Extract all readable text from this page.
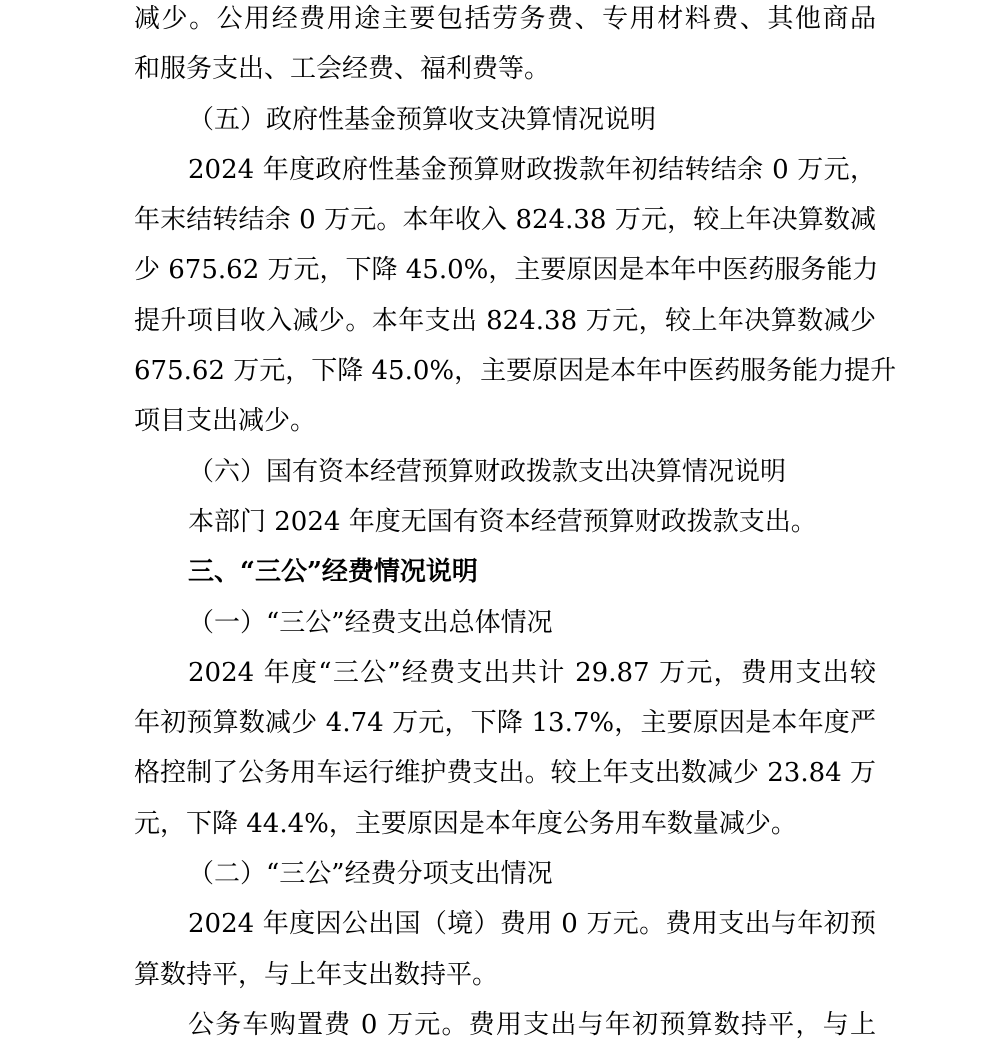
减少。公用经费用途主要包括劳务费、专用材料费、其他商品
和服务支出、工会经费、福利费等。
（五）政府性基金预算收支决算情况说明
2024 年度政府性基金预算财政拨款年初结转结余 0 万元，
年末结转结余 0 万元。本年收入 824.38 万元，较上年决算数减
少 675.62 万元，下降 45.0%，主要原因是本年中医药服务能力
提升项目收入减少。本年支出 824.38 万元，较上年决算数减少
675.62 万元，下降 45.0%，主要原因是本年中医药服务能力提升
项目支出减少。
（六）国有资本经营预算财政拨款支出决算情况说明
本部门 2024 年度无国有资本经营预算财政拨款支出。
三、“三公”经费情况说明
（一）“三公”经费支出总体情况
2024 年度“三公”经费支出共计 29.87 万元，费用支出较
年初预算数减少 4.74 万元，下降 13.7%，主要原因是本年度严
格控制了公务用车运行维护费支出。较上年支出数减少 23.84 万
元，下降 44.4%，主要原因是本年度公务用车数量减少。
（二）“三公”经费分项支出情况
2024 年度因公出国（境）费用 0 万元。费用支出与年初预
算数持平，与上年支出数持平。
公务车购置费 0 万元。费用支出与年初预算数持平，与上
